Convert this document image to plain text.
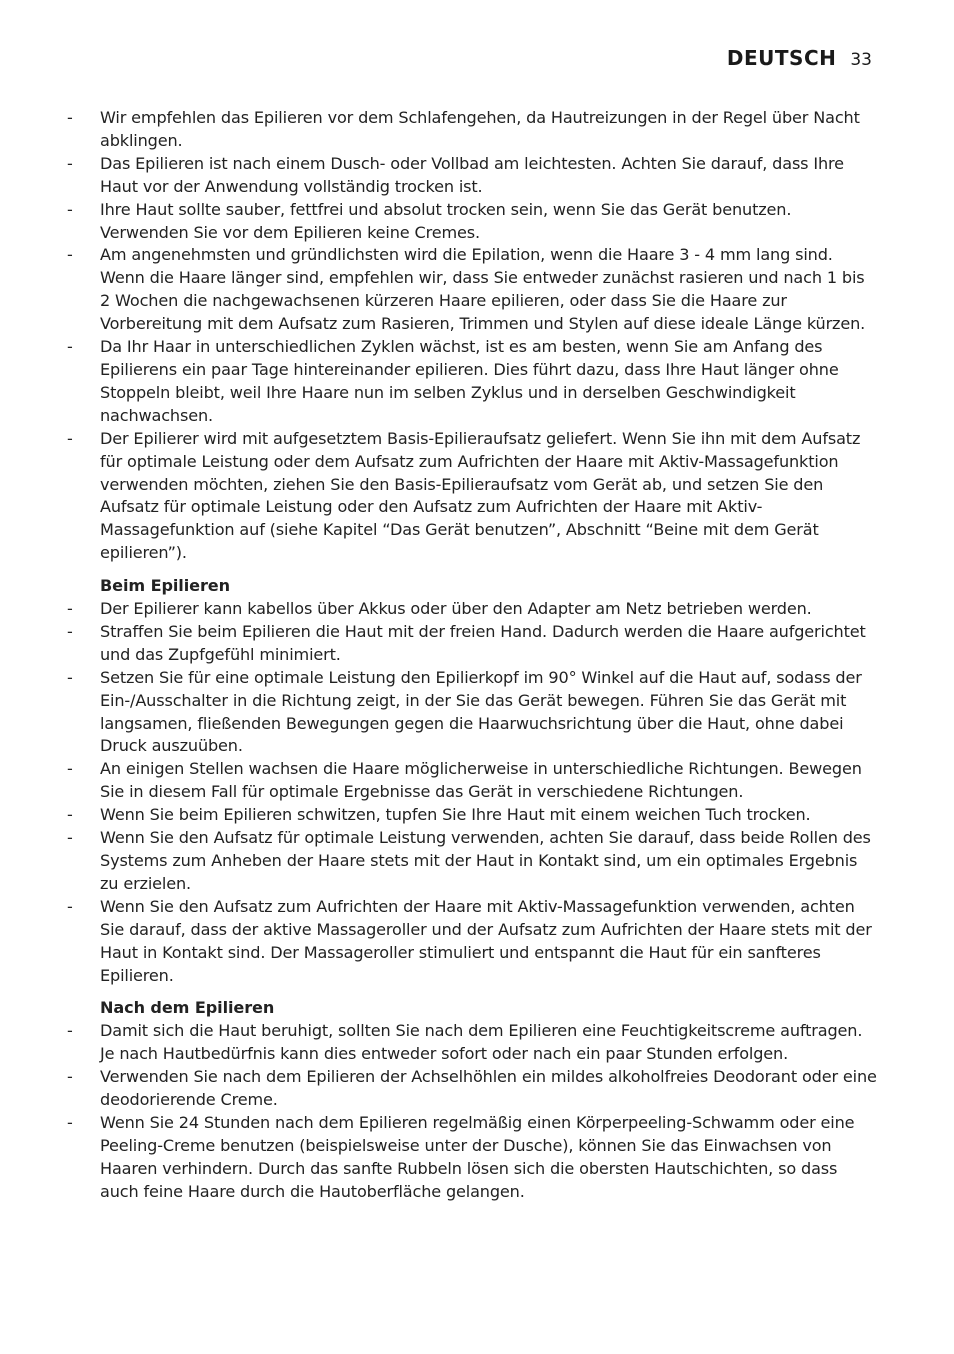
DEUTSCH 33
-	Wir empfehlen das Epilieren vor dem Schlafengehen, da Hautreizungen in der Regel über Nacht abklingen.
-	Das Epilieren ist nach einem Dusch- oder Vollbad am leichtesten. Achten Sie darauf, dass Ihre Haut vor der Anwendung vollständig trocken ist.
-	Ihre Haut sollte sauber, fettfrei und absolut trocken sein, wenn Sie das Gerät benutzen. Verwenden Sie vor dem Epilieren keine Cremes.
-	Am angenehmsten und gründlichsten wird die Epilation, wenn die Haare 3 - 4 mm lang sind. Wenn die Haare länger sind, empfehlen wir, dass Sie entweder zunächst rasieren und nach 1 bis 2 Wochen die nachgewachsenen kürzeren Haare epilieren, oder dass Sie die Haare zur Vorbereitung mit dem Aufsatz zum Rasieren, Trimmen und Stylen auf diese ideale Länge kürzen.
-	Da Ihr Haar in unterschiedlichen Zyklen wächst, ist es am besten, wenn Sie am Anfang des Epilierens ein paar Tage hintereinander epilieren. Dies führt dazu, dass Ihre Haut länger ohne Stoppeln bleibt, weil Ihre Haare nun im selben Zyklus und in derselben Geschwindigkeit nachwachsen.
-	Der Epilierer wird mit aufgesetztem Basis-Epilieraufsatz geliefert. Wenn Sie ihn mit dem Aufsatz für optimale Leistung oder dem Aufsatz zum Aufrichten der Haare mit Aktiv-Massagefunktion verwenden möchten, ziehen Sie den Basis-Epilieraufsatz vom Gerät ab, und setzen Sie den Aufsatz für optimale Leistung oder den Aufsatz zum Aufrichten der Haare mit Aktiv-Massagefunktion auf (siehe Kapitel “Das Gerät benutzen”, Abschnitt “Beine mit dem Gerät epilieren”).
Beim Epilieren
-	Der Epilierer kann kabellos über Akkus oder über den Adapter am Netz betrieben werden.
-	Straffen Sie beim Epilieren die Haut mit der freien Hand. Dadurch werden die Haare aufgerichtet und das Zupfgefühl minimiert.
-	Setzen Sie für eine optimale Leistung den Epilierkopf im 90° Winkel auf die Haut auf, sodass der Ein-/Ausschalter in die Richtung zeigt, in der Sie das Gerät bewegen. Führen Sie das Gerät mit langsamen, fließenden Bewegungen gegen die Haarwuchsrichtung über die Haut, ohne dabei Druck auszuüben.
-	An einigen Stellen wachsen die Haare möglicherweise in unterschiedliche Richtungen. Bewegen Sie in diesem Fall für optimale Ergebnisse das Gerät in verschiedene Richtungen.
-	Wenn Sie beim Epilieren schwitzen, tupfen Sie Ihre Haut mit einem weichen Tuch trocken.
-	Wenn Sie den Aufsatz für optimale Leistung verwenden, achten Sie darauf, dass beide Rollen des Systems zum Anheben der Haare stets mit der Haut in Kontakt sind, um ein optimales Ergebnis zu erzielen.
-	Wenn Sie den Aufsatz zum Aufrichten der Haare mit Aktiv-Massagefunktion verwenden, achten Sie darauf, dass der aktive Massageroller und der Aufsatz zum Aufrichten der Haare stets mit der Haut in Kontakt sind. Der Massageroller stimuliert und entspannt die Haut für ein sanfteres Epilieren.
Nach dem Epilieren
-	Damit sich die Haut beruhigt, sollten Sie nach dem Epilieren eine Feuchtigkeitscreme auftragen. Je nach Hautbedürfnis kann dies entweder sofort oder nach ein paar Stunden erfolgen.
-	Verwenden Sie nach dem Epilieren der Achselhöhlen ein mildes alkoholfreies Deodorant oder eine deodorierende Creme.
-	Wenn Sie 24 Stunden nach dem Epilieren regelmäßig einen Körperpeeling-Schwamm oder eine Peeling-Creme benutzen (beispielsweise unter der Dusche), können Sie das Einwachsen von Haaren verhindern. Durch das sanfte Rubbeln lösen sich die obersten Hautschichten, so dass auch feine Haare durch die Hautoberfläche gelangen.
